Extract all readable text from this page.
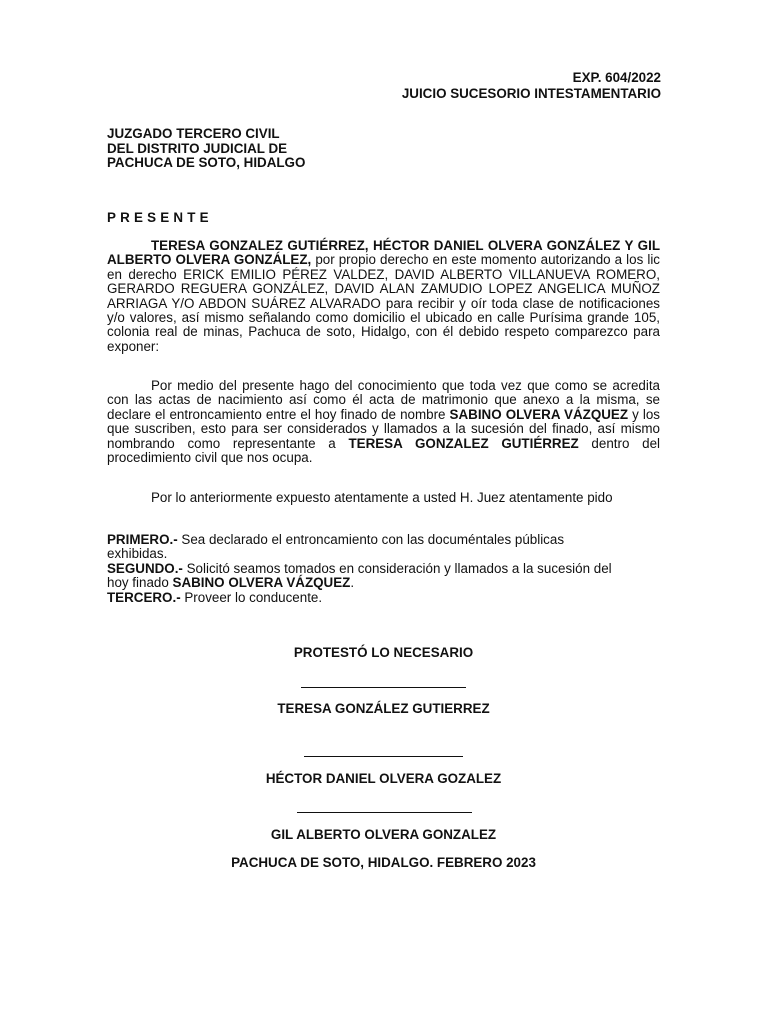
EXP. 604/2022
JUICIO SUCESORIO INTESTAMENTARIO
JUZGADO TERCERO CIVIL
DEL DISTRITO JUDICIAL DE
PACHUCA DE SOTO, HIDALGO
PRESENTE

TERESA GONZALEZ GUTIÉRREZ, HÉCTOR DANIEL OLVERA GONZÁLEZ Y GIL ALBERTO OLVERA GONZÁLEZ, por propio derecho en este momento autorizando a los lic en derecho ERICK EMILIO PÉREZ VALDEZ, DAVID ALBERTO VILLANUEVA ROMERO, GERARDO REGUERA GONZÁLEZ, DAVID ALAN ZAMUDIO LOPEZ ANGELICA MUÑOZ ARRIAGA Y/O ABDON SUÁREZ ALVARADO para recibir y oír toda clase de notificaciones y/o valores, así mismo señalando como domicilio el ubicado en calle Purísima grande 105, colonia real de minas, Pachuca de soto, Hidalgo, con él debido respeto comparezco para exponer:

Por medio del presente hago del conocimiento que toda vez que como se acredita con las actas de nacimiento así como él acta de matrimonio que anexo a la misma, se declare el entroncamiento entre el hoy finado de nombre SABINO OLVERA VÁZQUEZ y los que suscriben, esto para ser considerados y llamados a la sucesión del finado, así mismo nombrando como representante a TERESA GONZALEZ GUTIÉRREZ dentro del procedimiento civil que nos ocupa.

Por lo anteriormente expuesto atentamente a usted H. Juez atentamente pido

PRIMERO.- Sea declarado el entroncamiento con las documéntales públicas exhibidas.

SEGUNDO.- Solicitó seamos tomados en consideración y llamados a la sucesión del hoy finado SABINO OLVERA VÁZQUEZ.

TERCERO.- Proveer lo conducente.

PROTESTÓ LO NECESARIO
TERESA GONZÁLEZ GUTIERREZ
HÉCTOR DANIEL OLVERA GOZALEZ
GIL ALBERTO OLVERA GONZALEZ
PACHUCA DE SOTO, HIDALGO. FEBRERO 2023
